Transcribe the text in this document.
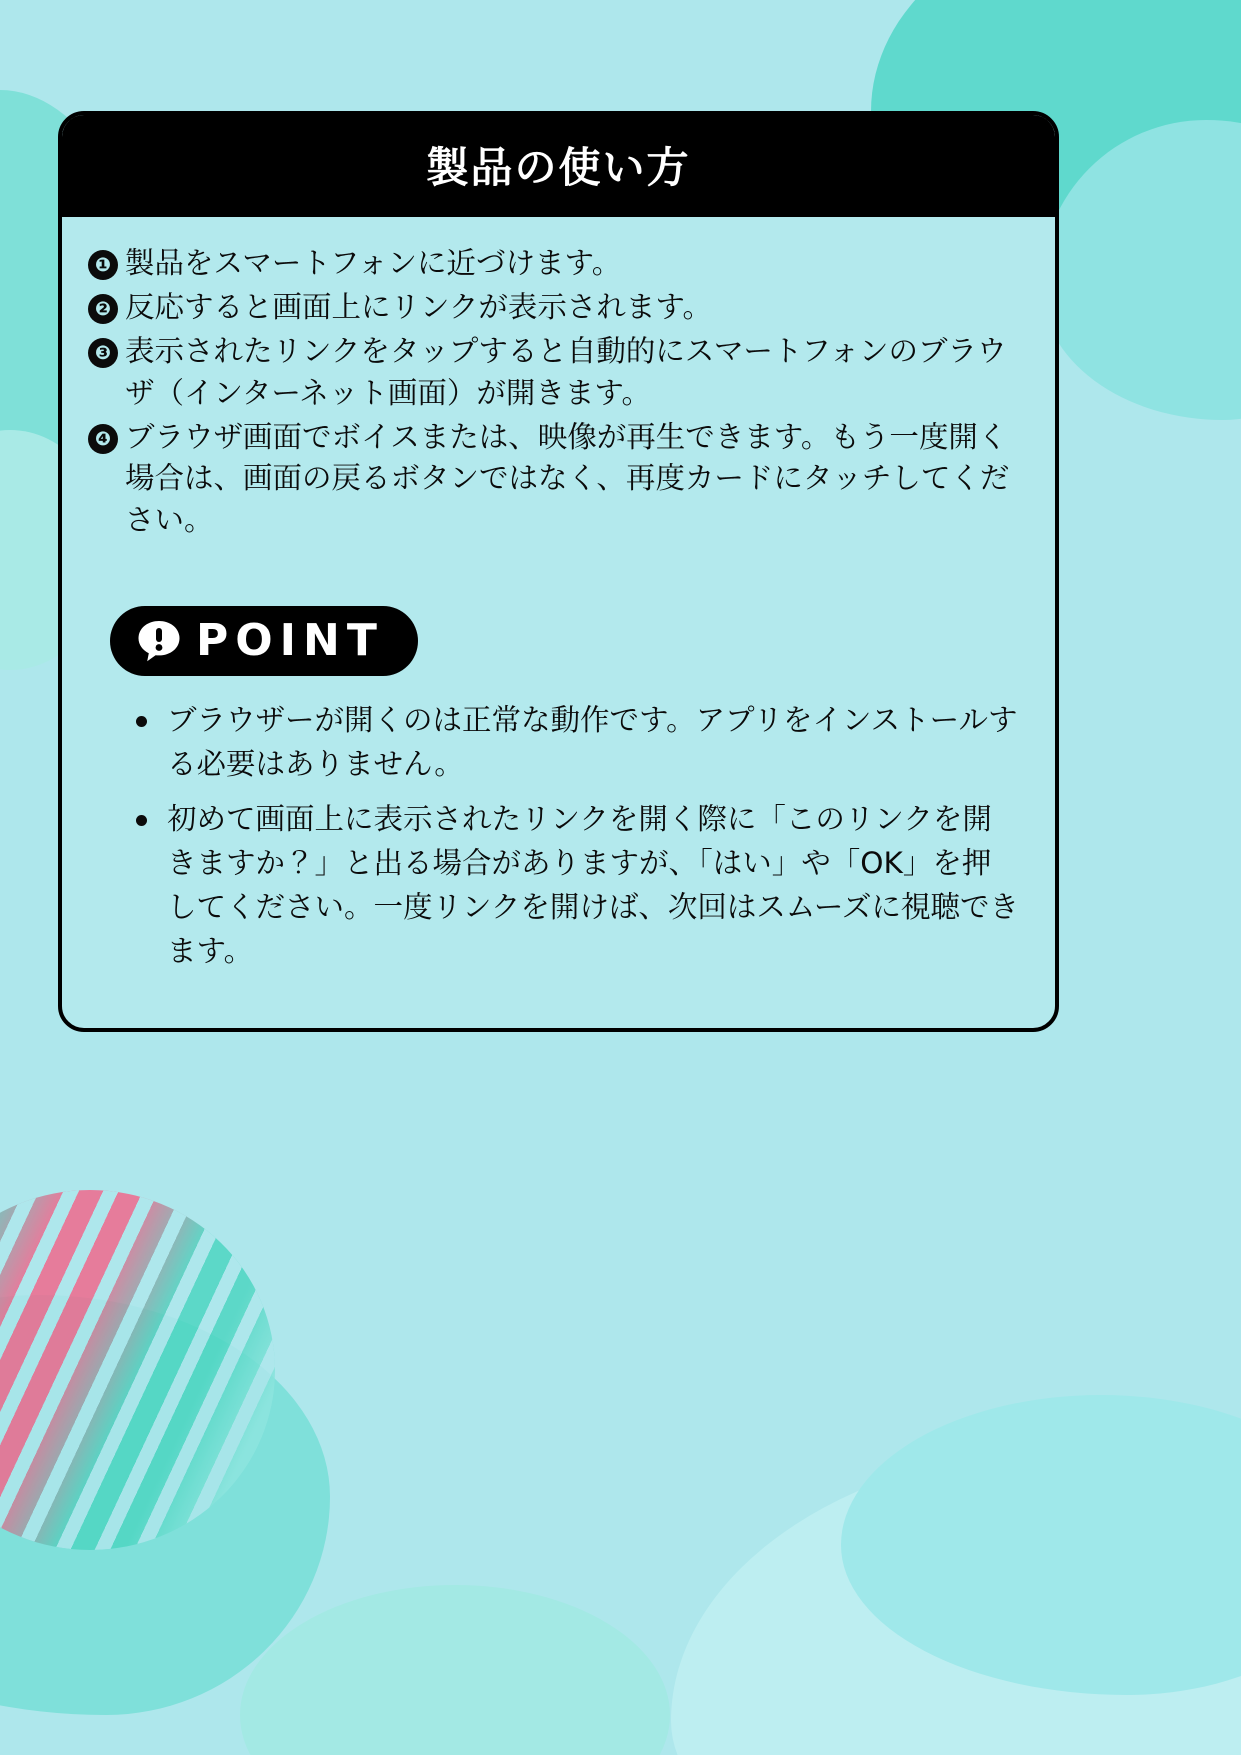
製品の使い方
❶ 製品をスマートフォンに近づけます。
❷ 反応すると画面上にリンクが表示されます。
❸ 表示されたリンクをタップすると自動的にスマートフォンのブラウザ（インターネット画面）が開きます。
❹ ブラウザ画面でボイスまたは、映像が再生できます。もう一度開く場合は、画面の戻るボタンではなく、再度カードにタッチしてください。
POINT
ブラウザーが開くのは正常な動作です。アプリをインストールする必要はありません。
初めて画面上に表示されたリンクを開く際に「このリンクを開きますか？」と出る場合がありますが、「はい」や「OK」を押してください。一度リンクを開けば、次回はスムーズに視聴できます。
